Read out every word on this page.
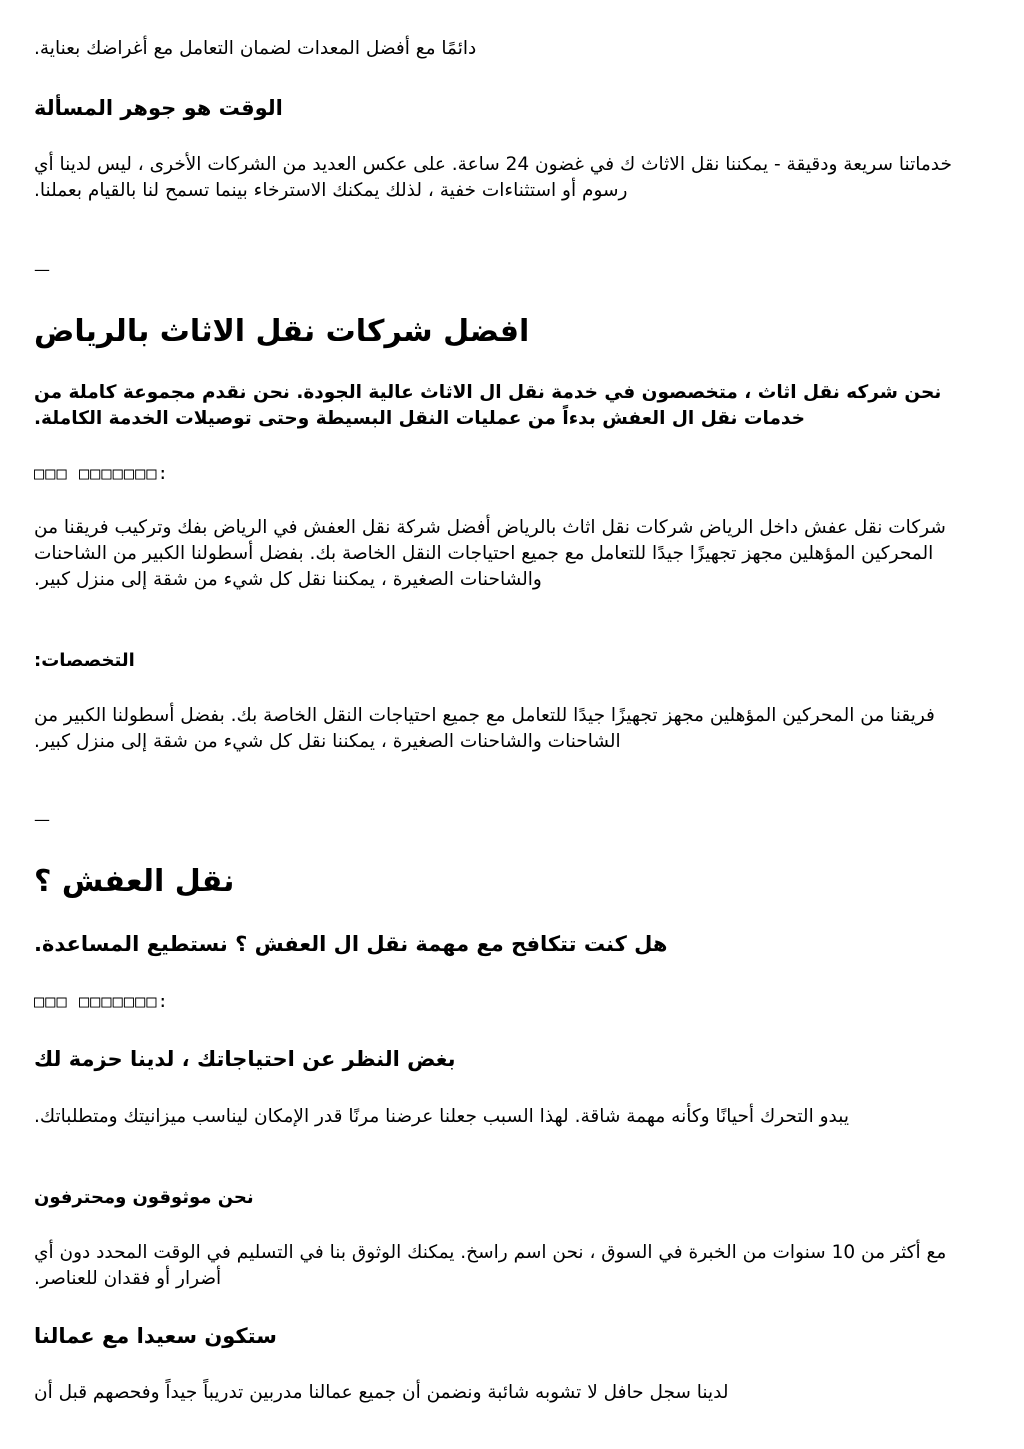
دائمًا مع أفضل المعدات لضمان التعامل مع أغراضك بعناية.

الوقت هو جوهر المسألة

خدماتنا سريعة ودقيقة - يمكننا نقل الاثاث ك في غضون 24 ساعة. على عكس العديد من الشركات الأخرى ، ليس لدينا أي رسوم أو استثناءات خفية ، لذلك يمكنك الاسترخاء بينما تسمح لنا بالقيام بعملنا.

—
افضل شركات نقل الاثاث بالرياض

نحن شركه نقل اثاث ، متخصصون في خدمة نقل ال الاثاث عالية الجودة. نحن نقدم مجموعة كاملة من خدمات نقل ال العفش بدءاً من عمليات النقل البسيطة وحتى توصيلات الخدمة الكاملة.

□□□ □□□□□□□:

شركات نقل عفش داخل الرياض شركات نقل اثاث بالرياض أفضل شركة نقل العفش في الرياض بفك وتركيب فريقنا من المحركين المؤهلين مجهز تجهيزًا جيدًا للتعامل مع جميع احتياجات النقل الخاصة بك. بفضل أسطولنا الكبير من الشاحنات والشاحنات الصغيرة ، يمكننا نقل كل شيء من شقة إلى منزل كبير.

التخصصات:

فريقنا من المحركين المؤهلين مجهز تجهيزًا جيدًا للتعامل مع جميع احتياجات النقل الخاصة بك. بفضل أسطولنا الكبير من الشاحنات والشاحنات الصغيرة ، يمكننا نقل كل شيء من شقة إلى منزل كبير.

—
نقل العفش ؟
هل كنت تتكافح مع مهمة نقل ال العفش ؟ نستطيع المساعدة.
□□□ □□□□□□□:
بغض النظر عن احتياجاتك ، لدينا حزمة لك

يبدو التحرك أحيانًا وكأنه مهمة شاقة. لهذا السبب جعلنا عرضنا مرنًا قدر الإمكان ليناسب ميزانيتك ومتطلباتك.

نحن موثوقون ومحترفون

مع أكثر من 10 سنوات من الخبرة في السوق ، نحن اسم راسخ. يمكنك الوثوق بنا في التسليم في الوقت المحدد دون أي أضرار أو فقدان للعناصر.

ستكون سعيدا مع عمالنا

لدينا سجل حافل لا تشوبه شائبة ونضمن أن جميع عمالنا مدربين تدريباً جيداً وفحصهم قبل أن
